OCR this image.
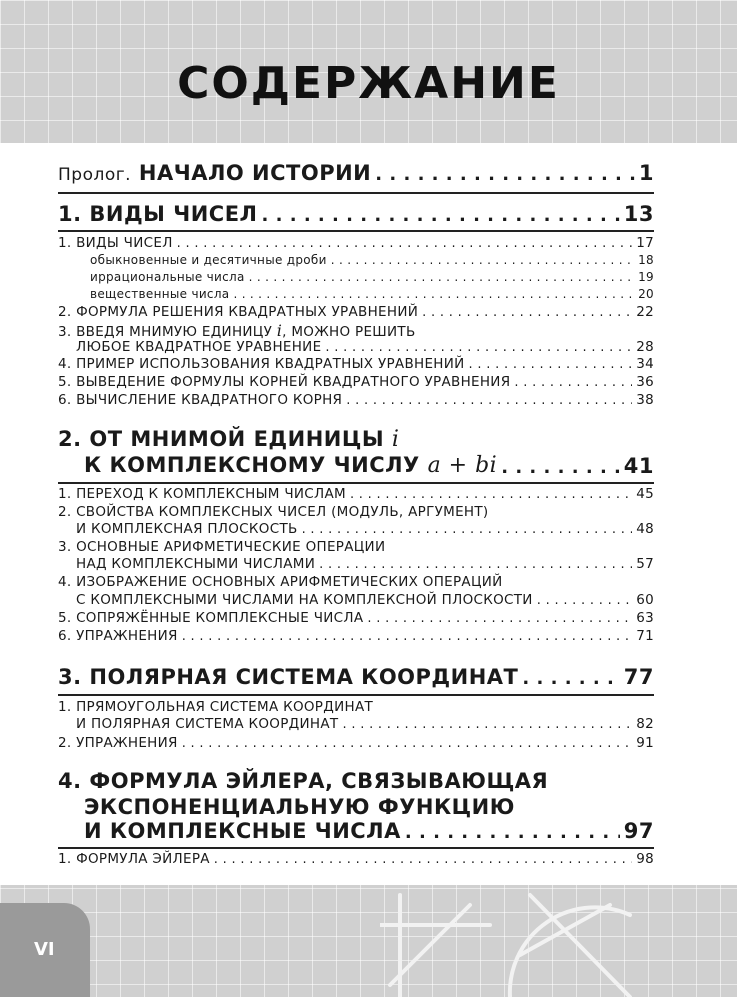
СОДЕРЖАНИЕ
Пролог. НАЧАЛО ИСТОРИИ . . .	1
1. ВИДЫ ЧИСЕЛ . . .	13
1. ВИДЫ ЧИСЕЛ . . .	17
обыкновенные и десятичные дроби . . .	18
иррациональные числа . . .	19
вещественные числа . . .	20
2. ФОРМУЛА РЕШЕНИЯ КВАДРАТНЫХ УРАВНЕНИЙ . . .	22
3. ВВЕДЯ МНИМУЮ ЕДИНИЦУ i, МОЖНО РЕШИТЬ
ЛЮБОЕ КВАДРАТНОЕ УРАВНЕНИЕ . . .	28
4. ПРИМЕР ИСПОЛЬЗОВАНИЯ КВАДРАТНЫХ УРАВНЕНИЙ . . .	34
5. ВЫВЕДЕНИЕ ФОРМУЛЫ КОРНЕЙ КВАДРАТНОГО УРАВНЕНИЯ . . .	36
6. ВЫЧИСЛЕНИЕ КВАДРАТНОГО КОРНЯ . . .	38
2. ОТ МНИМОЙ ЕДИНИЦЫ i
К КОМПЛЕКСНОМУ ЧИСЛУ a + bi . . .	41
1. ПЕРЕХОД К КОМПЛЕКСНЫМ ЧИСЛАМ . . .	45
2. СВОЙСТВА КОМПЛЕКСНЫХ ЧИСЕЛ (МОДУЛЬ, АРГУМЕНТ)
И КОМПЛЕКСНАЯ ПЛОСКОСТЬ . . .	48
3. ОСНОВНЫЕ АРИФМЕТИЧЕСКИЕ ОПЕРАЦИИ
НАД КОМПЛЕКСНЫМИ ЧИСЛАМИ . . .	57
4. ИЗОБРАЖЕНИЕ ОСНОВНЫХ АРИФМЕТИЧЕСКИХ ОПЕРАЦИЙ
С КОМПЛЕКСНЫМИ ЧИСЛАМИ НА КОМПЛЕКСНОЙ ПЛОСКОСТИ . . .	60
5. СОПРЯЖЁННЫЕ КОМПЛЕКСНЫЕ ЧИСЛА . . .	63
6. УПРАЖНЕНИЯ . . .	71
3. ПОЛЯРНАЯ СИСТЕМА КООРДИНАТ . . .	77
1. ПРЯМОУГОЛЬНАЯ СИСТЕМА КООРДИНАТ
И ПОЛЯРНАЯ СИСТЕМА КООРДИНАТ . . .	82
2. УПРАЖНЕНИЯ . . .	91
4. ФОРМУЛА ЭЙЛЕРА, СВЯЗЫВАЮЩАЯ
ЭКСПОНЕНЦИАЛЬНУЮ ФУНКЦИЮ
И КОМПЛЕКСНЫЕ ЧИСЛА . . .	97
1. ФОРМУЛА ЭЙЛЕРА . . .	98
VI
